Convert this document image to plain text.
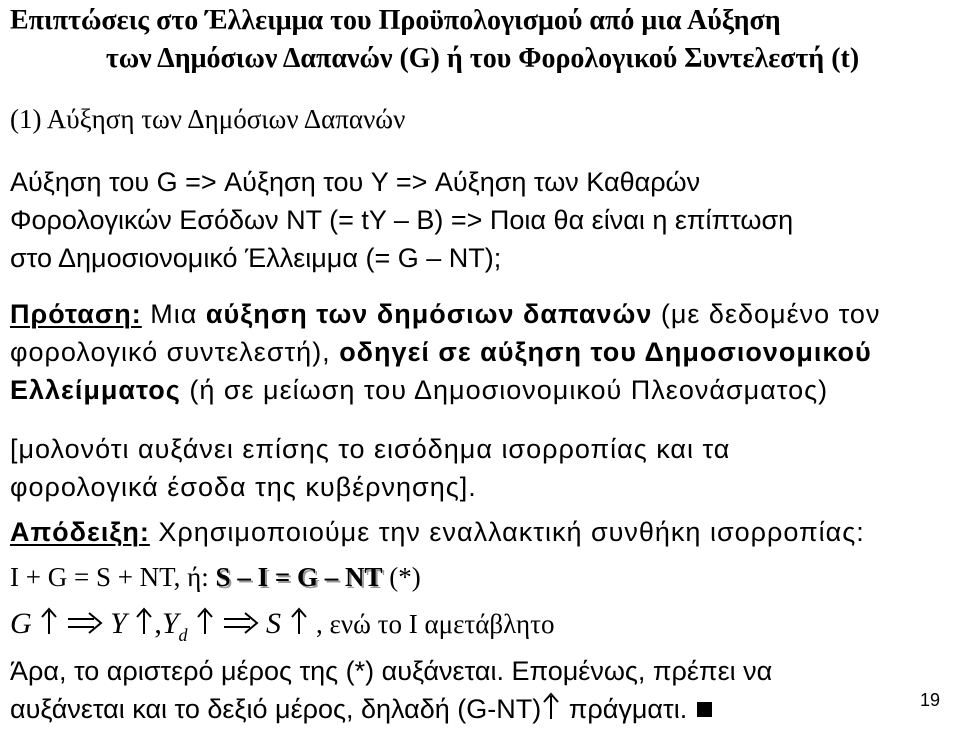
Επιπτώσεις στο Έλλειμμα του Προϋπολογισμού από μια Αύξηση
των Δημόσιων Δαπανών (G) ή του Φορολογικού Συντελεστή (t)
(1) Αύξηση των Δημόσιων Δαπανών
Αύξηση του G => Αύξηση του Y => Αύξηση των Καθαρών
Φορολογικών Εσόδων ΝΤ (= tY – B) => Ποια θα είναι η επίπτωση
στο Δημοσιονομικό Έλλειμμα (= G – NT);
Πρόταση: Μια αύξηση των δημόσιων δαπανών (με δεδομένο τον
φορολογικό συντελεστή), οδηγεί σε αύξηση του Δημοσιονομικού
Ελλείμματος (ή σε μείωση του Δημοσιονομικού Πλεονάσματος)
[μολονότι αυξάνει επίσης το εισόδημα ισορροπίας και τα
φορολογικά έσοδα της κυβέρνησης].
Απόδειξη: Χρησιμοποιούμε την εναλλακτική συνθήκη ισορροπίας:
I + G = S + NT, ή: S – I = G – NT (*)
G	Y $,Y_d$	S , ενώ το I αμετάβλητο
Άρα, το αριστερό μέρος της (*) αυξάνεται. Επομένως, πρέπει να
αυξάνεται και το δεξιό μέρος, δηλαδή (G-NT) πράγματι.	19
